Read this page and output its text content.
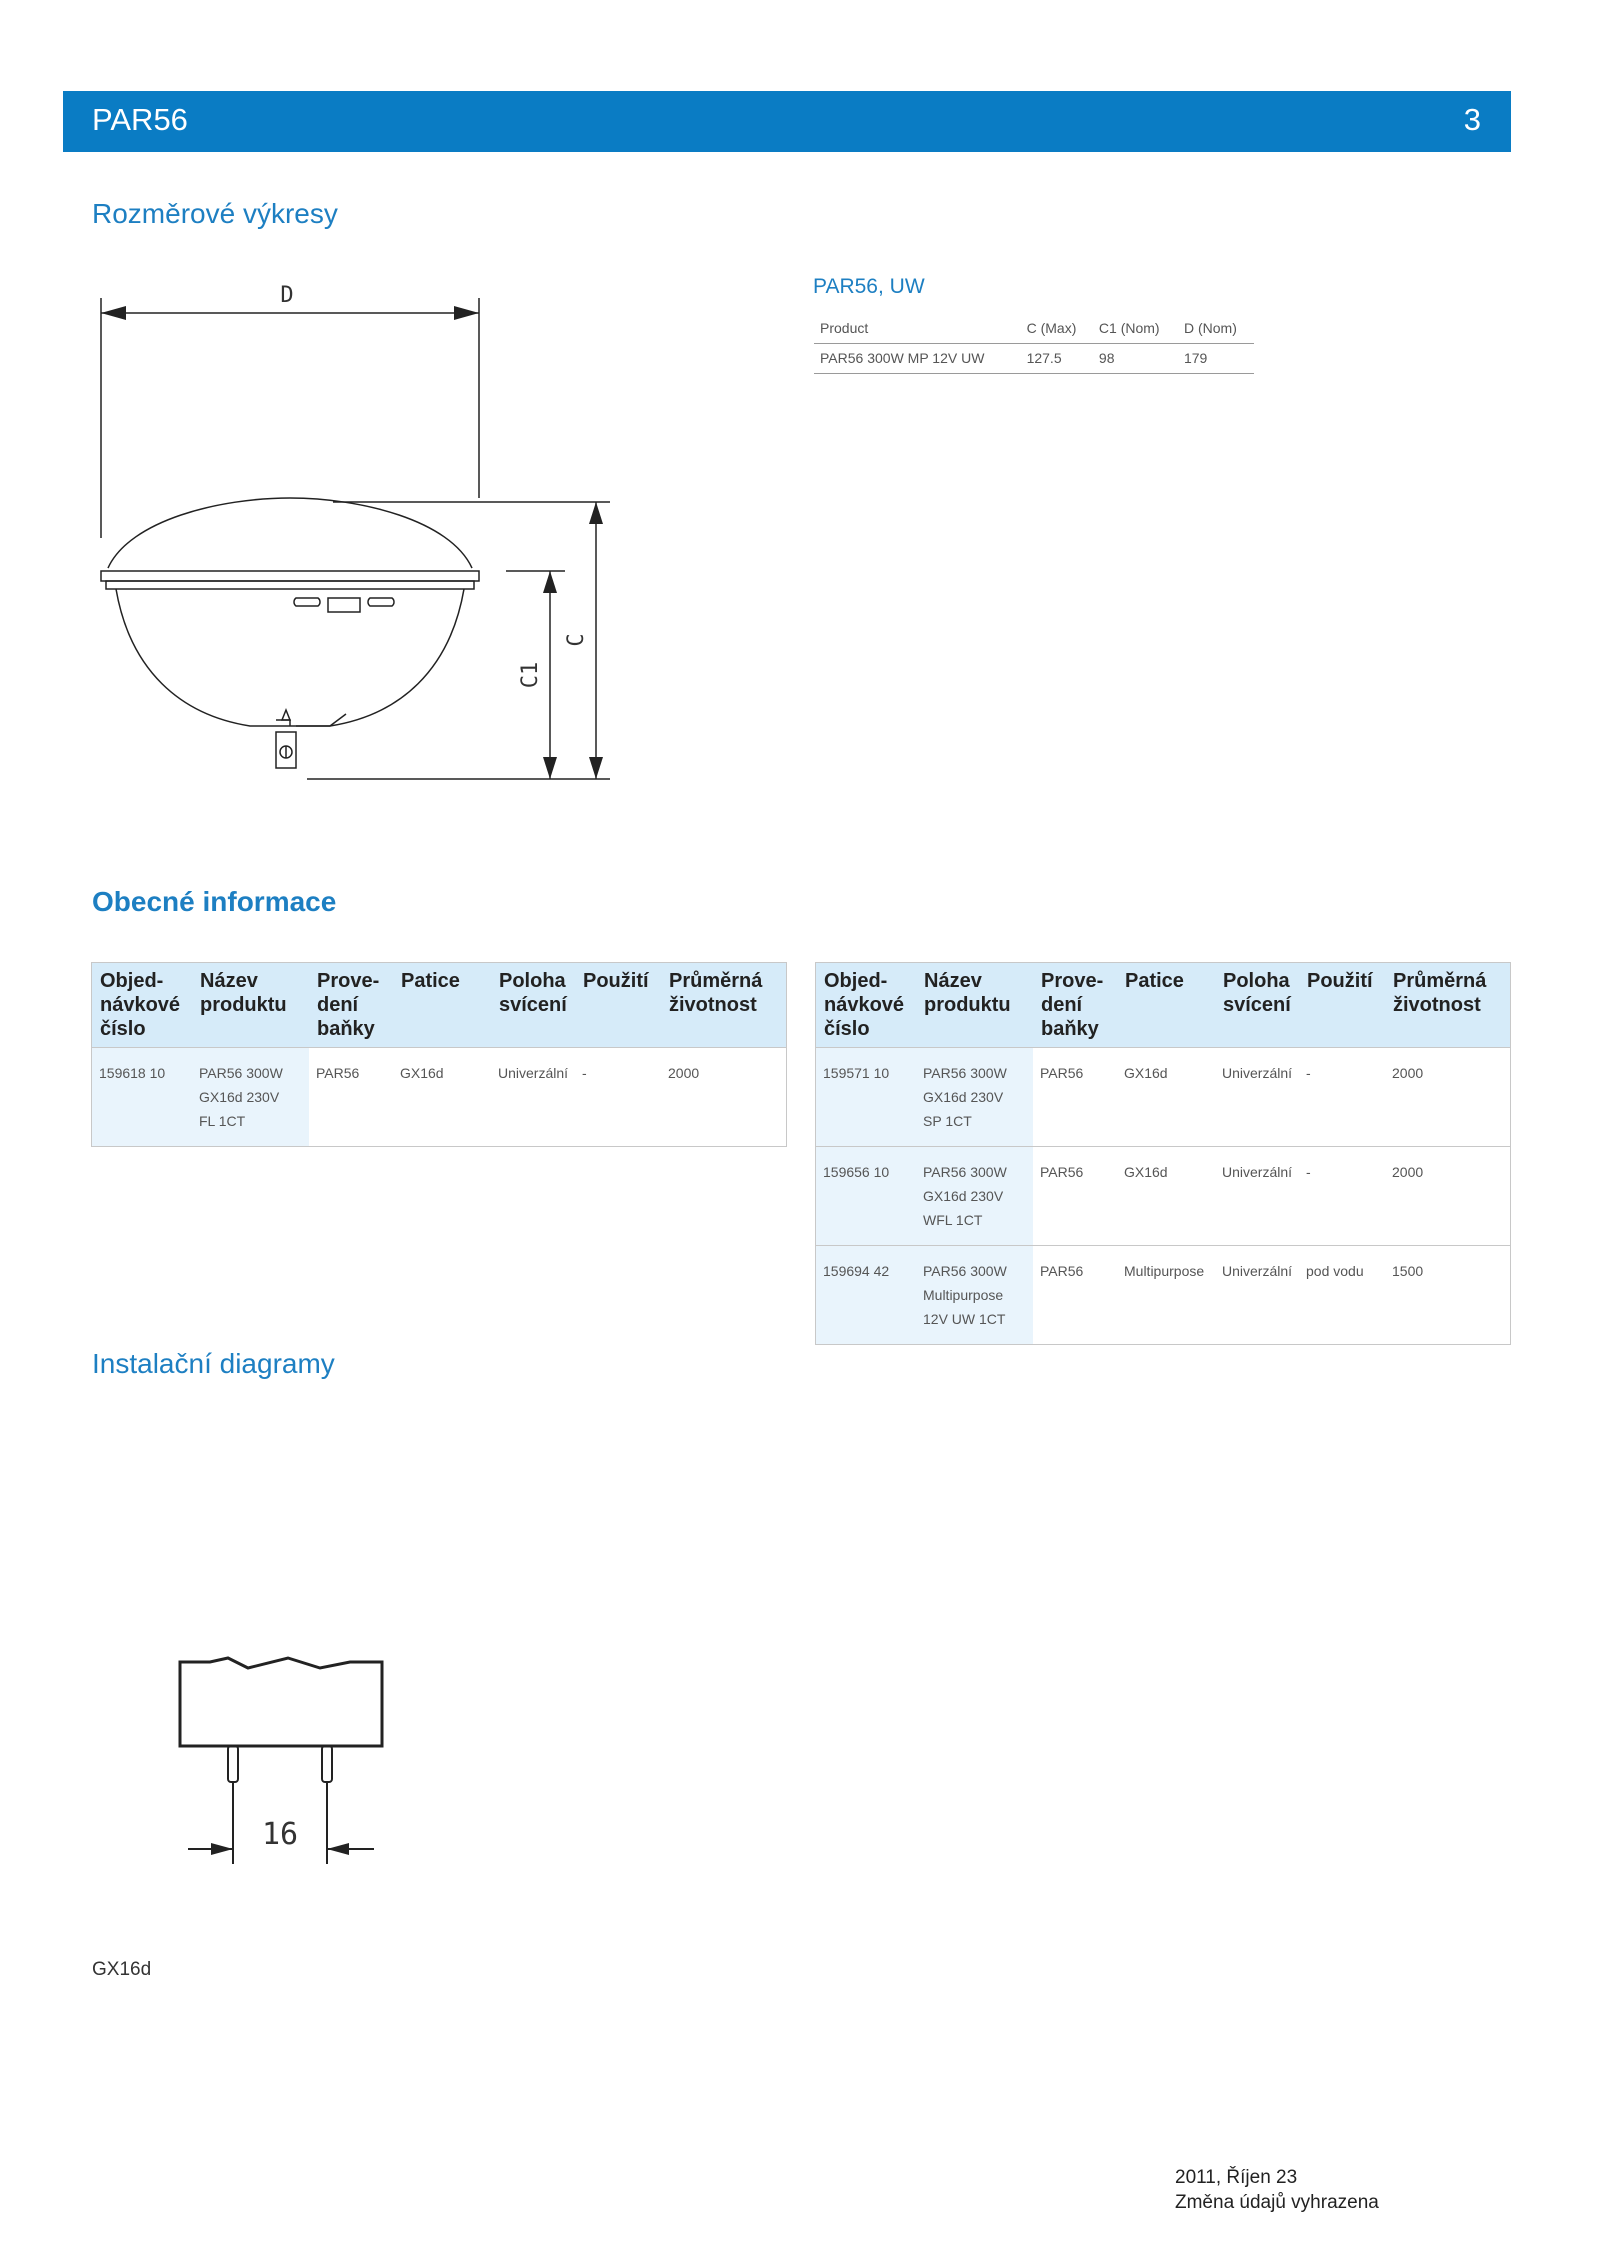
PAR56	3
Rozměrové výkresy
D
C1
C
PAR56, UW
Product	C (Max)	C1 (Nom)	D (Nom)
PAR56 300W MP 12V UW	127.5	98	179
Obecné informace
Objed-
návkové
číslo	Název
produktu	Prove-
dení
baňky	Patice	Poloha
svícení	Použití	Průměrná
životnost
159618 10	PAR56 300W
GX16d 230V
FL 1CT	PAR56	GX16d	Univerzální	-	2000
Objed-
návkové
číslo	Název
produktu	Prove-
dení
baňky	Patice	Poloha
svícení	Použití	Průměrná
životnost
159571 10	PAR56 300W
GX16d 230V
SP 1CT	PAR56	GX16d	Univerzální	-	2000
159656 10	PAR56 300W
GX16d 230V
WFL 1CT	PAR56	GX16d	Univerzální	-	2000
159694 42	PAR56 300W
Multipurpose
12V UW 1CT	PAR56	Multipurpose	Univerzální	pod vodu	1500
Instalační diagramy
16
GX16d
2011, Říjen 23
Změna údajů vyhrazena
